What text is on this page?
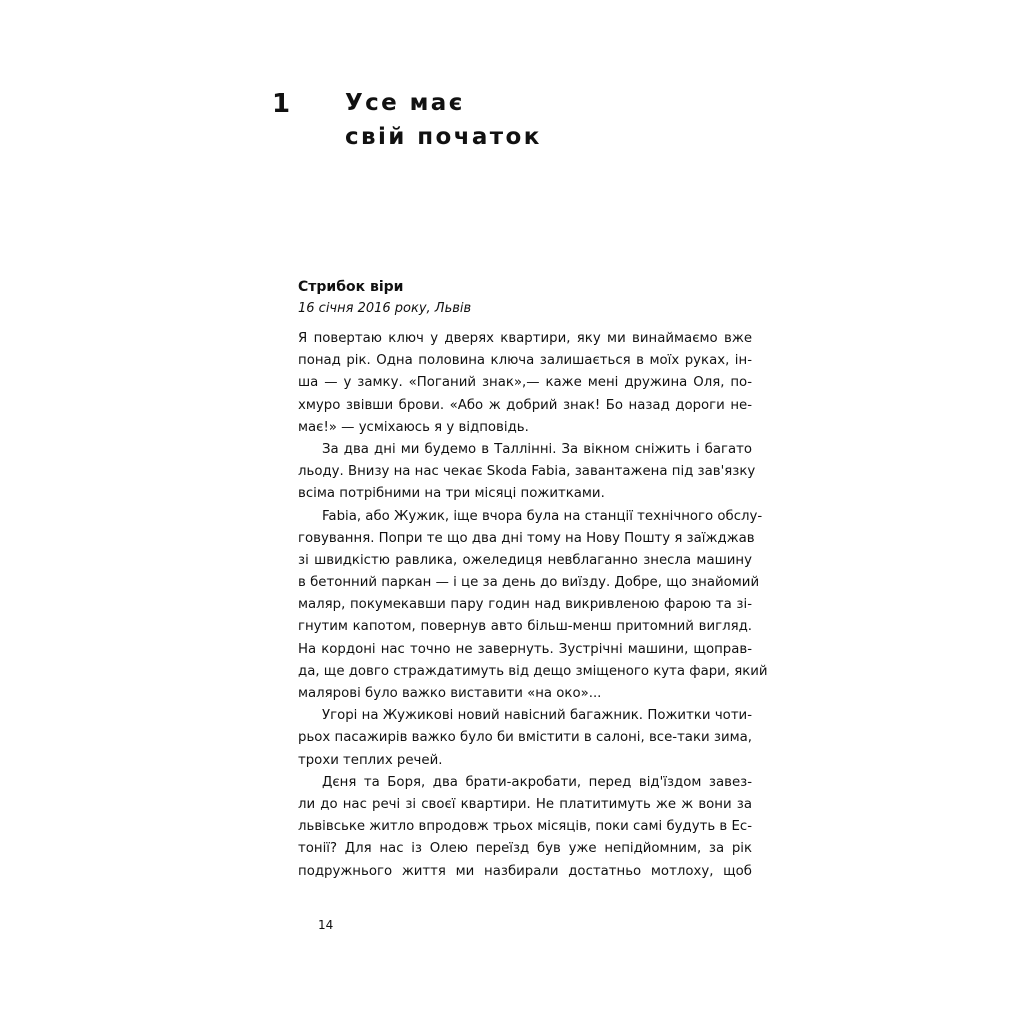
1 Усе має
свій початок
Стрибок віри

16 січня 2016 року, Львів

Я повертаю ключ у дверях квартири, яку ми винаймаємо вже
понад рік. Одна половина ключа залишається в моїх руках, ін-
ша — у замку. «Поганий знак»,— каже мені дружина Оля, по-
хмуро звівши брови. «Або ж добрий знак! Бо назад дороги не-
має!» — усміхаюсь я у відповідь.
За два дні ми будемо в Таллінні. За вікном сніжить і багато
льоду. Внизу на нас чекає Skoda Fabia, завантажена під зав'язку
всіма потрібними на три місяці пожитками.
Fabia, або Жужик, іще вчора була на станції технічного обслу-
говування. Попри те що два дні тому на Нову Пошту я заїжджав
зі швидкістю равлика, ожеледиця невблаганно знесла машину
в бетонний паркан — і це за день до виїзду. Добре, що знайомий
маляр, покумекавши пару годин над викривленою фарою та зі-
гнутим капотом, повернув авто більш-менш притомний вигляд.
На кордоні нас точно не завернуть. Зустрічні машини, щоправ-
да, ще довго страждатимуть від дещо зміщеного кута фари, який
малярові було важко виставити «на око»...
Угорі на Жужикові новий навісний багажник. Пожитки чоти-
рьох пасажирів важко було би вмістити в салоні, все-таки зима,
трохи теплих речей.
Дєня та Боря, два брати-акробати, перед від'їздом завез-
ли до нас речі зі своєї квартири. Не платитимуть же ж вони за
львівське житло впродовж трьох місяців, поки самі будуть в Ес-
тонії? Для нас із Олею переїзд був уже непідйомним, за рік
подружнього життя ми назбирали достатньо мотлоху, щоб
14
